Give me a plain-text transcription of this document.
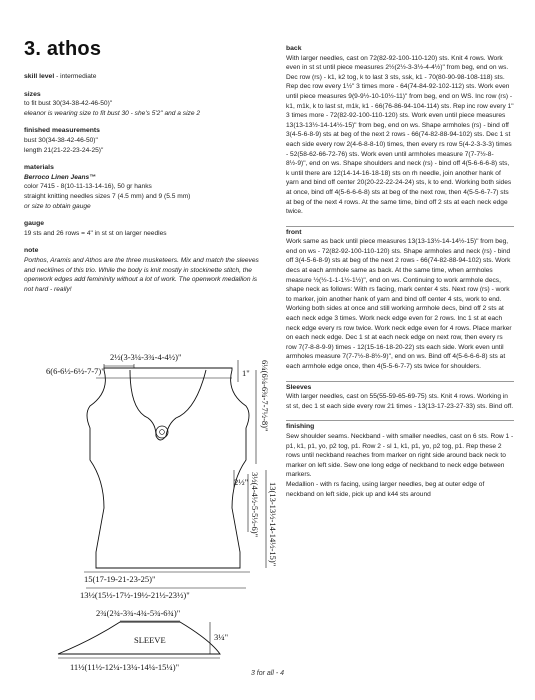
3. athos
skill level - intermediate
sizes
to fit bust 30(34-38-42-46-50)"
eleanor is wearing size to fit bust 30 - she's 5'2" and a size 2
finished measurements
bust 30(34-38-42-46-50)"
length 21(21-22-23-24-25)"
materials
Berroco Linen Jeans™
color 7415 - 8(10-11-13-14-16), 50 gr hanks
straight knitting needles sizes 7 (4.5 mm) and 9 (5.5 mm)
or size to obtain gauge
gauge
19 sts and 26 rows = 4" in st st on larger needles
note
Porthos, Aramis and Athos are the three musketeers. Mix and match the sleeves and necklines of this trio. While the body is knit mostly in stockinette stitch, the openwork edges add femininity without a lot of work. The openwork medallion is not hard - really!
2½(3-3¼-3¾-4-4½)"
6(6-6½-6½-7-7)"	1" 6¼(6¼-6¾-7-7½-8)"
2½" 3½(4-4½-5-5½-6)" 13(13-13½-14-14½-15)"
15(17-19-21-23-25)"
13½(15½-17½-19½-21½-23½)"
2¾(2¾-3¾-4¾-5¾-6¾)"
SLEEVE	3¼"
11½(11½-12¼-13¼-14¼-15¼)"
back
With larger needles, cast on 72(82-92-100-110-120) sts. Knit 4 rows. Work even in st st until piece measures 2½(2½-3-3½-4-4½)" from beg, end on ws. Dec row (rs) - k1, k2 tog, k to last 3 sts, ssk, k1 - 70(80-90-98-108-118) sts. Rep dec row every 1½" 3 times more - 64(74-84-92-102-112) sts. Work even until piece measures 9(9-9½-10-10½-11)" from beg, end on WS. Inc row (rs) - k1, m1k, k to last st, m1k, k1 - 66(76-86-94-104-114) sts. Rep inc row every 1" 3 times more - 72(82-92-100-110-120) sts. Work even until piece measures 13(13-13½-14-14½-15)" from beg, end on ws. Shape armholes (rs) - bind off 3(4-5-6-8-9) sts at beg of the next 2 rows - 66(74-82-88-94-102) sts. Dec 1 st each side every row 2(4-6-8-8-10) times, then every rs row 5(4-2-3-3-3) times - 52(58-62-66-72-76) sts. Work even until armholes measure 7(7-7½-8-8½-9)", end on ws. Shape shoulders and neck (rs) - bind off 4(5-6-6-6-8) sts, k until there are 12(14-14-16-18-18) sts on rh needle, join another hank of yarn and bind off center 20(20-22-22-24-24) sts, k to end. Working both sides at once, bind off 4(5-6-6-6-8) sts at beg of the next row, then 4(5-5-6-7-7) sts at beg of the next 4 rows. At the same time, bind off 2 sts at each neck edge twice.
front
Work same as back until piece measures 13(13-13½-14-14½-15)" from beg, end on ws - 72(82-92-100-110-120) sts. Shape armholes and neck (rs) - bind off 3(4-5-6-8-9) sts at beg of the next 2 rows - 66(74-82-88-94-102) sts. Work decs at each armhole same as back. At the same time, when armholes measure ½(½-1-1-1½-1½)", end on ws. Continuing to work armhole decs, shape neck as follows: With rs facing, mark center 4 sts. Next row (rs) - work to marker, join another hank of yarn and bind off center 4 sts, work to end. Working both sides at once and still working armhole decs, bind off 2 sts at each neck edge 3 times. Work neck edge even for 2 rows. Inc 1 st at each neck edge every rs row twice. Work neck edge even for 4 rows. Place marker on each neck edge. Dec 1 st at each neck edge on next row, then every rs row 7(7-8-8-9-9) times - 12(15-16-18-20-22) sts each side. Work even until armholes measure 7(7-7½-8-8½-9)", end on ws. Bind off 4(5-6-6-6-8) sts at each armhole edge once, then 4(5-5-6-7-7) sts twice for shoulders.
Sleeves
With larger needles, cast on 55(55-59-65-69-75) sts. Knit 4 rows. Working in st st, dec 1 st each side every row 21 times - 13(13-17-23-27-33) sts. Bind off.
finishing
Sew shoulder seams. Neckband - with smaller needles, cast on 6 sts. Row 1 - p1, k1, p1, yo, p2 tog, p1. Row 2 - sl 1, k1, p1, yo, p2 tog, p1. Rep these 2 rows until neckband reaches from marker on right side around back neck to marker on left side. Sew one long edge of neckband to neck edge between markers.
Medallion - with rs facing, using larger needles, beg at outer edge of neckband on left side, pick up and k44 sts around
3 for all - 4
